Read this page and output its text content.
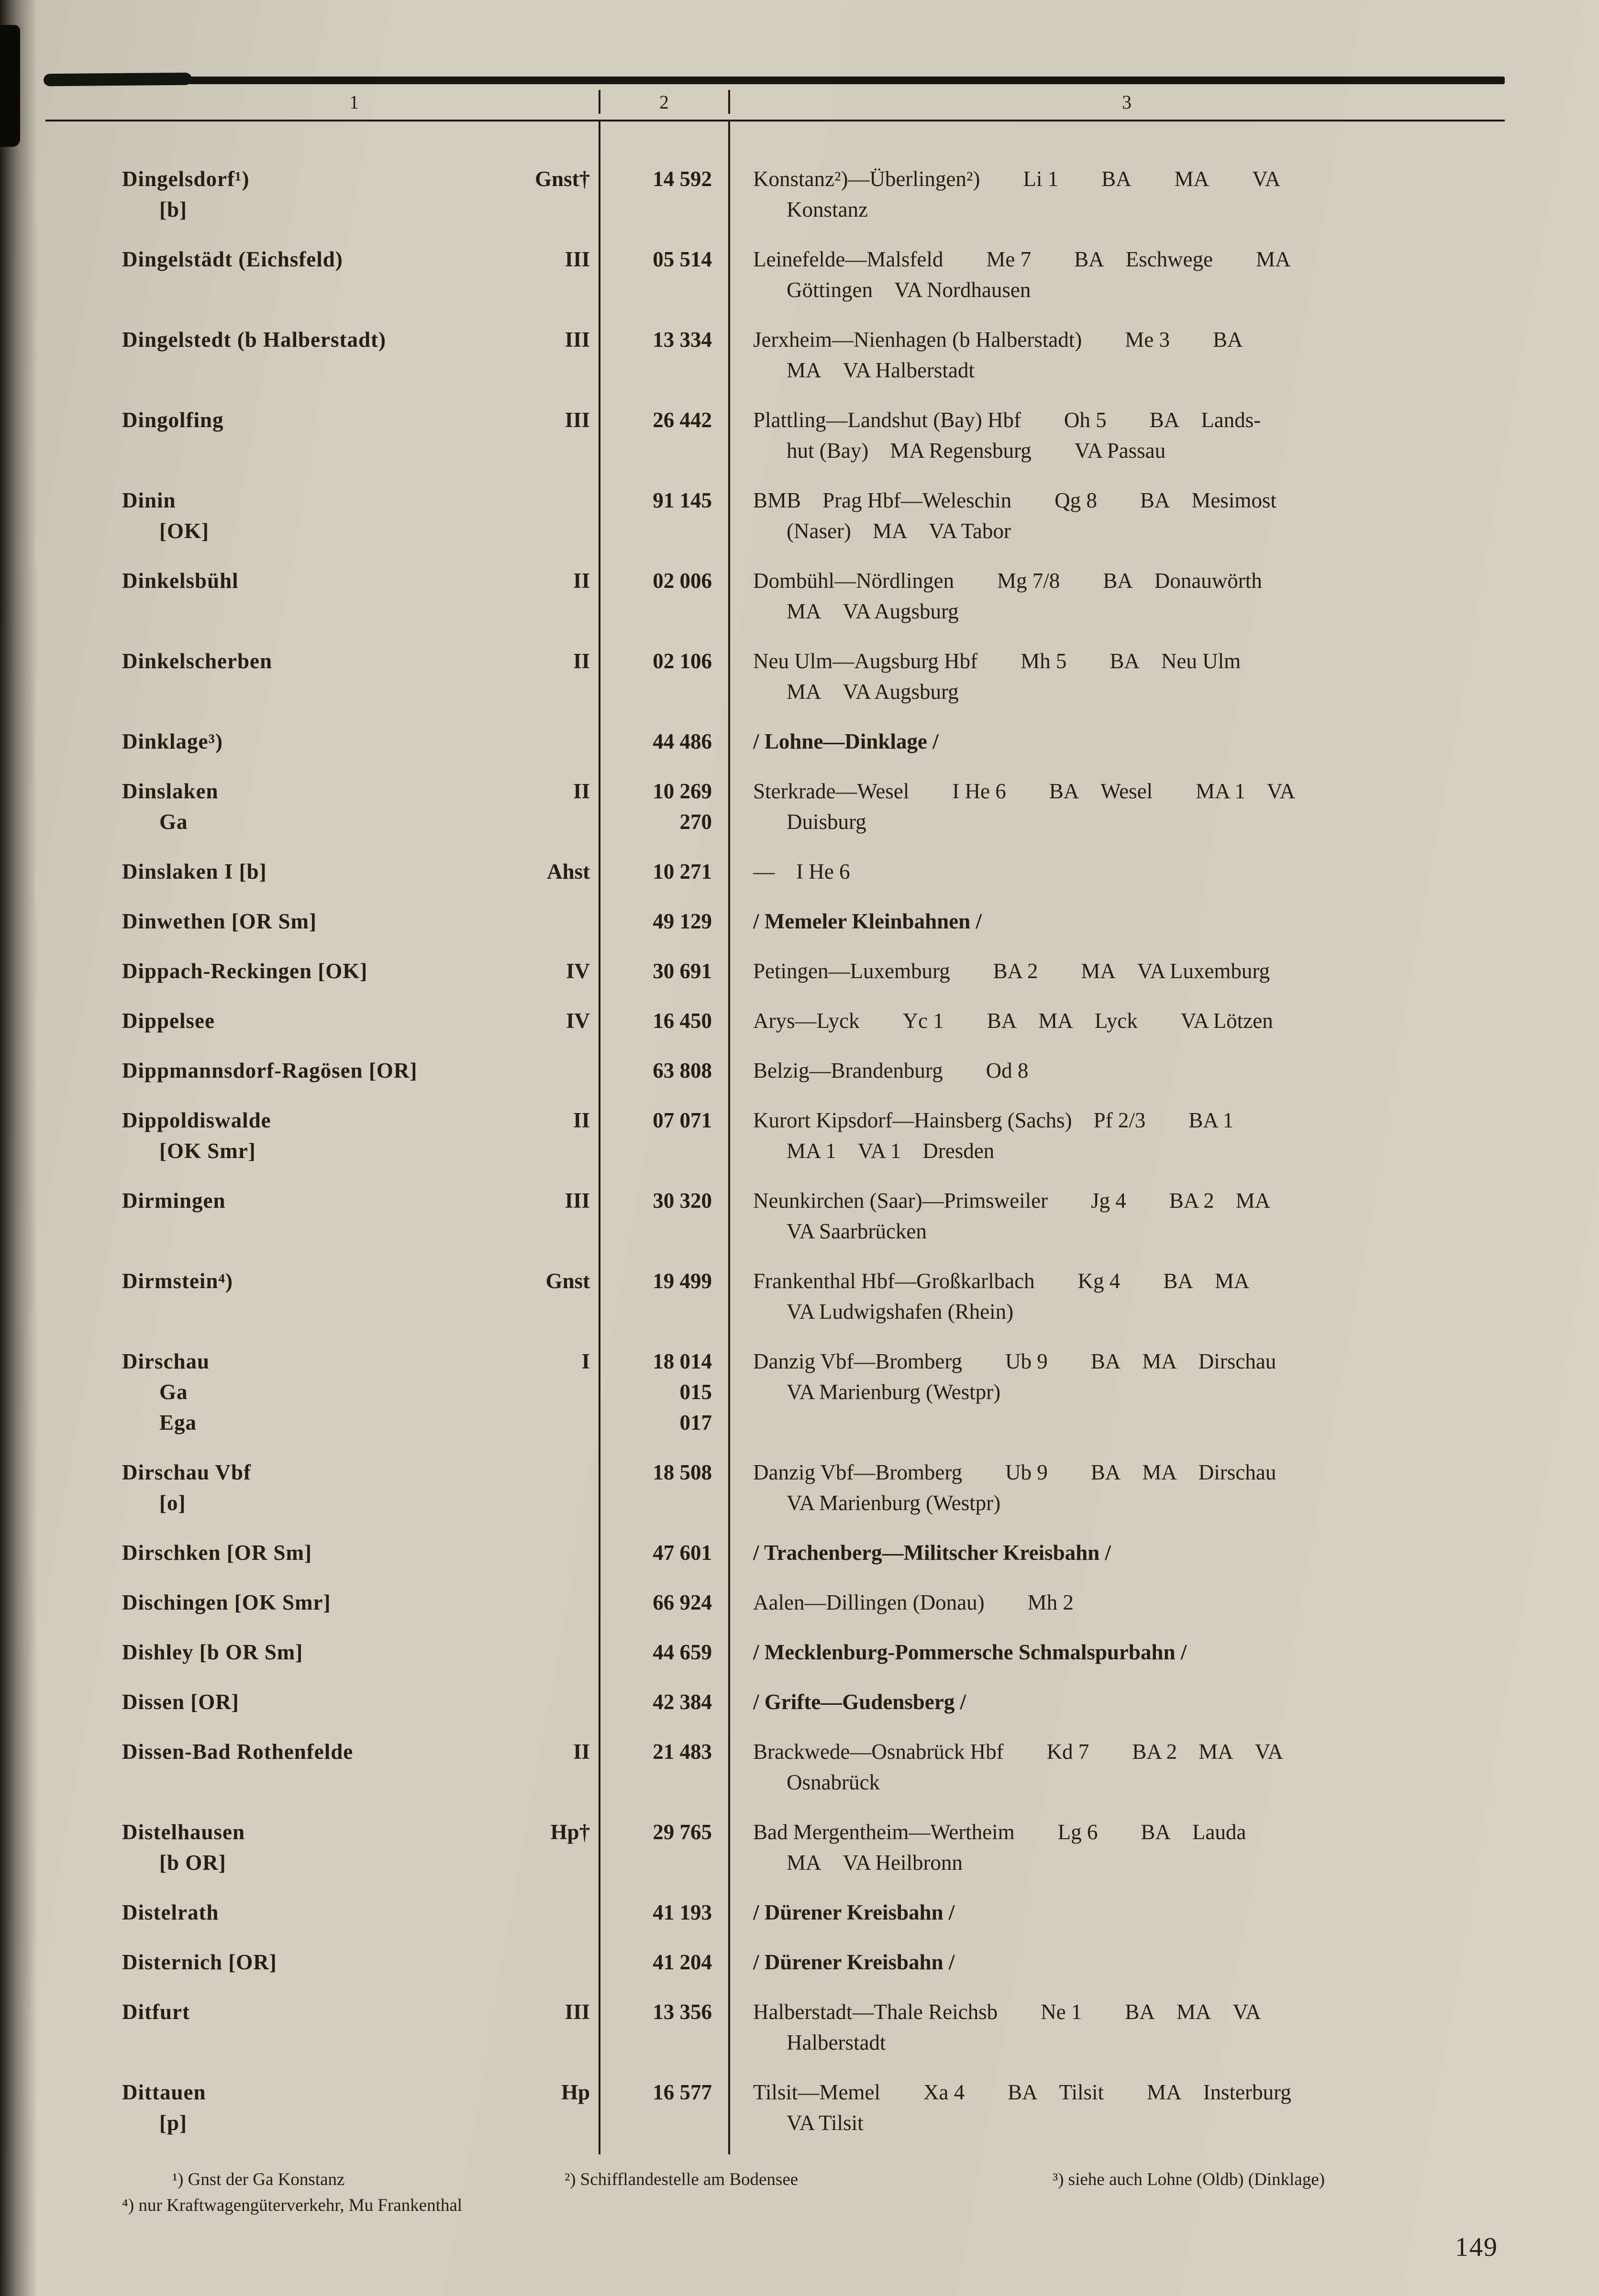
1	2	3
Dingelsdorf¹)
[b]
Gnst†	14 592 Konstanz²)—Überlingen²)  Li 1  BA  MA  VA
Konstanz
Dingelstädt (Eichsfeld)	III	05 514 Leinefelde—Malsfeld  Me 7  BA Eschwege  MA
Göttingen VA Nordhausen
Dingelstedt (b Halberstadt)	III	13 334 Jerxheim—Nienhagen (b Halberstadt)  Me 3  BA
MA VA Halberstadt
Dingolfing	III	26 442 Plattling—Landshut (Bay) Hbf  Oh 5  BA Lands-
hut (Bay) MA Regensburg  VA Passau
Dinin
[OK]
91 145 BMB Prag Hbf—Weleschin  Qg 8  BA Mesimost
(Naser) MA VA Tabor
Dinkelsbühl	II	02 006 Dombühl—Nördlingen  Mg 7/8  BA Donauwörth
MA VA Augsburg
Dinkelscherben	II	02 106 Neu Ulm—Augsburg Hbf  Mh 5  BA Neu Ulm
MA VA Augsburg
Dinklage³)	44 486 / Lohne—Dinklage /
Dinslaken
Ga
II	10 269
270
Sterkrade—Wesel  I He 6  BA Wesel  MA 1 VA
Duisburg
Dinslaken I [b]	Ahst	10 271 — I He 6
Dinwethen [OR Sm]	49 129 / Memeler Kleinbahnen /
Dippach-Reckingen [OK]	IV	30 691 Petingen—Luxemburg  BA 2  MA VA Luxemburg
Dippelsee	IV	16 450 Arys—Lyck  Yc 1  BA MA Lyck  VA Lötzen
Dippmannsdorf-Ragösen [OR]	63 808 Belzig—Brandenburg  Od 8
Dippoldiswalde
[OK Smr]
II	07 071 Kurort Kipsdorf—Hainsberg (Sachs) Pf 2/3  BA 1
MA 1 VA 1 Dresden
Dirmingen	III	30 320 Neunkirchen (Saar)—Primsweiler  Jg 4  BA 2 MA
VA Saarbrücken
Dirmstein⁴)	Gnst	19 499 Frankenthal Hbf—Großkarlbach  Kg 4  BA MA
VA Ludwigshafen (Rhein)
Dirschau
Ga
Ega
I	18 014
015
017
Danzig Vbf—Bromberg  Ub 9  BA MA Dirschau
VA Marienburg (Westpr)
Dirschau Vbf
[o]
18 508 Danzig Vbf—Bromberg  Ub 9  BA MA Dirschau
VA Marienburg (Westpr)
Dirschken [OR Sm]	47 601 / Trachenberg—Militscher Kreisbahn /
Dischingen [OK Smr]	66 924 Aalen—Dillingen (Donau)  Mh 2
Dishley [b OR Sm]	44 659 / Mecklenburg-Pommersche Schmalspurbahn /
Dissen [OR]	42 384 / Grifte—Gudensberg /
Dissen-Bad Rothenfelde	II	21 483 Brackwede—Osnabrück Hbf  Kd 7  BA 2 MA VA
Osnabrück
Distelhausen
[b OR]
Hp†	29 765 Bad Mergentheim—Wertheim  Lg 6  BA Lauda
MA VA Heilbronn
Distelrath	41 193 / Dürener Kreisbahn /
Disternich [OR]	41 204 / Dürener Kreisbahn /
Ditfurt	III	13 356 Halberstadt—Thale Reichsb  Ne 1  BA MA VA
Halberstadt
Dittauen
[p]
Hp	16 577 Tilsit—Memel  Xa 4  BA Tilsit  MA Insterburg
VA Tilsit
¹) Gnst der Ga Konstanz	²) Schifflandestelle am Bodensee	³) siehe auch Lohne (Oldb) (Dinklage)
⁴) nur Kraftwagengüterverkehr, Mu Frankenthal
149
